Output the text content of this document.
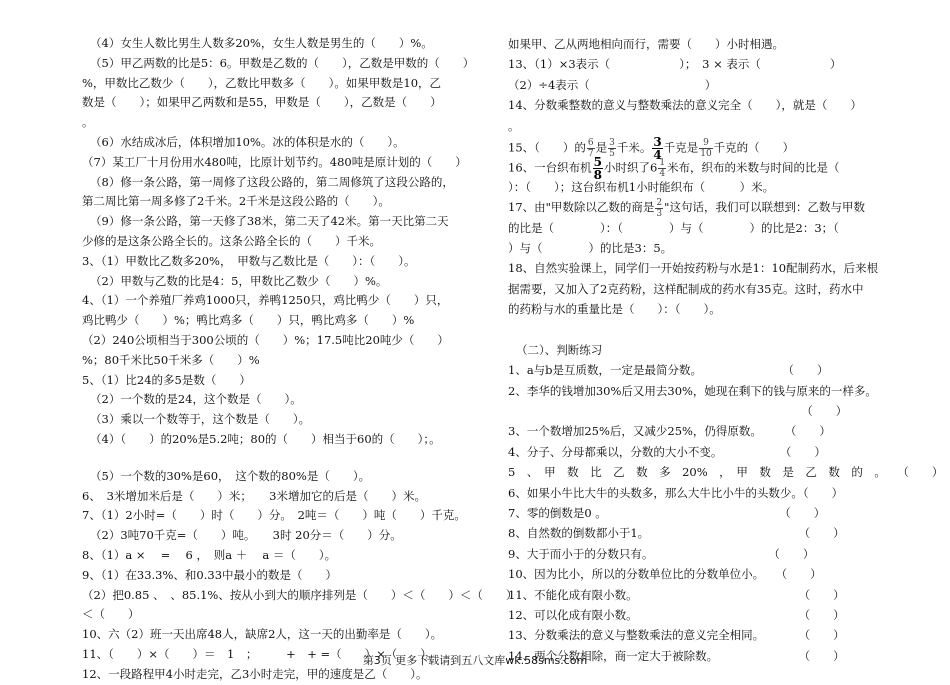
（4）女生人数比男生人数多20%，女生人数是男生的（　　）%。
（5）甲乙两数的比是5：6。甲数是乙数的（　　），乙数是甲数的（　　）
%，甲数比乙数少（　　），乙数比甲数多（　　）。如果甲数是10，乙
数是（　　）；如果甲乙两数和是55，甲数是（　　），乙数是（　　）
。
（6）水结成冰后，体积增加10%。冰的体积是水的（　　）。
（7）某工厂十月份用水480吨，比原计划节约。480吨是原计划的（　　）
（8）修一条公路，第一周修了这段公路的，第二周修筑了这段公路的，
第二周比第一周多修了2千米。2千米是这段公路的（　　）。
（9）修一条公路，第一天修了38米，第二天了42米。第一天比第二天
少修的是这条公路全长的。这条公路全长的（　　）千米。
3、（1）甲数比乙数多20%，　甲数与乙数比是（　　）：（　　）。
（2）甲数与乙数的比是4：5，甲数比乙数少（　　）%。
4、（1）一个养殖厂养鸡1000只，养鸭1250只，鸡比鸭少（　　）只，
鸡比鸭少（　　）%；鸭比鸡多（　　）只，鸭比鸡多（　　）%
（2）240公顷相当于300公顷的（　　）%；17.5吨比20吨少（　　）
%；80千米比50千米多（　　）%
5、（1）比24的多5是数（　　）
（2）一个数的是24，这个数是（　　）。
（3）乘以一个数等于，这个数是（　　）。
（4）（　　）的20%是5.2吨；80的（　　）相当于60的（　　）；。
（5）一个数的30%是60，　这个数的80%是（　　）。
6、　3米增加米后是（　　）米；　　3米增加它的后是（　　）米。
7、（1）2小时=（　　）时（　　）分。　2吨＝（　　）吨（　　）千克。
（2）3吨70千克=（　　）吨。　　3时 20分＝（　　）分。
8、（1）a × 　= 　6 ，　则a ＋ 　a ＝（　　）。
9、（1）在33.3%、和0.33中最小的数是（　　）
（2）把0.85 、　、85.1%、按从小到大的顺序排列是（　　）＜（　　）＜（　　）
＜（　　）
10、六（2）班一天出席48人，缺席2人，这一天的出勤率是（　　）。
11、（　　）×（　　）＝　1　；　　　+　+ =（　　）×（　　）。
12、一段路程甲4小时走完，乙3小时走完，甲的速度是乙（　　）。
如果甲、乙从两地相向而行，需要（　　）小时相遇。
13、（1）×3表示（　　　　　　）；　3 × 表示（　　　　　　）
（2）÷4表示（　　　　　　　　　　）
14、分数乘整数的意义与整数乘法的意义完全（　　），就是（　　）
。
15、（　　）的 $\frac{6}{7}$ 是 $\frac{3}{5}$ 千米。 $\frac{3}{4}$ 千克是 $\frac{9}{10}$ 千克的（　　）
16、一台织布机 $\frac{5}{8}$ 小时织了$6 \frac{1}{4}$ 米布，织布的米数与时间的比是（
）：（　　）；这台织布机1小时能织布（　　　）米。
17、由"甲数除以乙数的商是 $\frac{2}{3}$ "这句话，我们可以联想到：乙数与甲数
的比是（　　　　）：（　　　　）与（　　　　）的比是2：3；（
）与（　　　　）的比是3：5。
18、自然实验课上，同学们一开始按药粉与水是1：10配制药水，后来根
据需要，又加入了2克药粉，这样配制成的药水有35克。这时，药水中
的药粉与水的重量比是（　　）：（　　）。
（二）、判断练习
1、a与b是互质数，一定是最简分数。　　　　　　　　（　　）
2、李华的钱增加30%后又用去30%，她现在剩下的钱与原来的一样多。
　　　　　　　　　　　　　　　　　　　　　　　　　　（　　）
3、一个数增加25%后，又减少25%，仍得原数。　　　（　　）
4、分子、分母都乘以，分数的大小不变。　　　　　　（　　）
5　、　甲　数　比　乙　数　多　20%　，　甲　数　是　乙　数　的　。　　（　　）
6、如果小牛比大牛的头数多，那么大牛比小牛的头数少。（　　）
7、零的倒数是0 。　　　　　　　　　　　　　　　　（　　）
8、自然数的倒数都小于1。　　　　　　　　　　　　　　（　　）
9、大于而小于的分数只有。　　　　　　　　　　　（　　）
10、因为比小，所以的分数单位比的分数单位小。　　（　　）
11、不能化成有限小数。　　　　　　　　　　　　　　　（　　）
12、可以化成有限小数。　　　　　　　　　　　　　　　（　　）
13、分数乘法的意义与整数乘法的意义完全相同。　　　　（　　）
14、两个分数相除，商一定大于被除数。　　　　　　　　（　　）
第3页 更多下载请到五八文库wk.58sms.com
